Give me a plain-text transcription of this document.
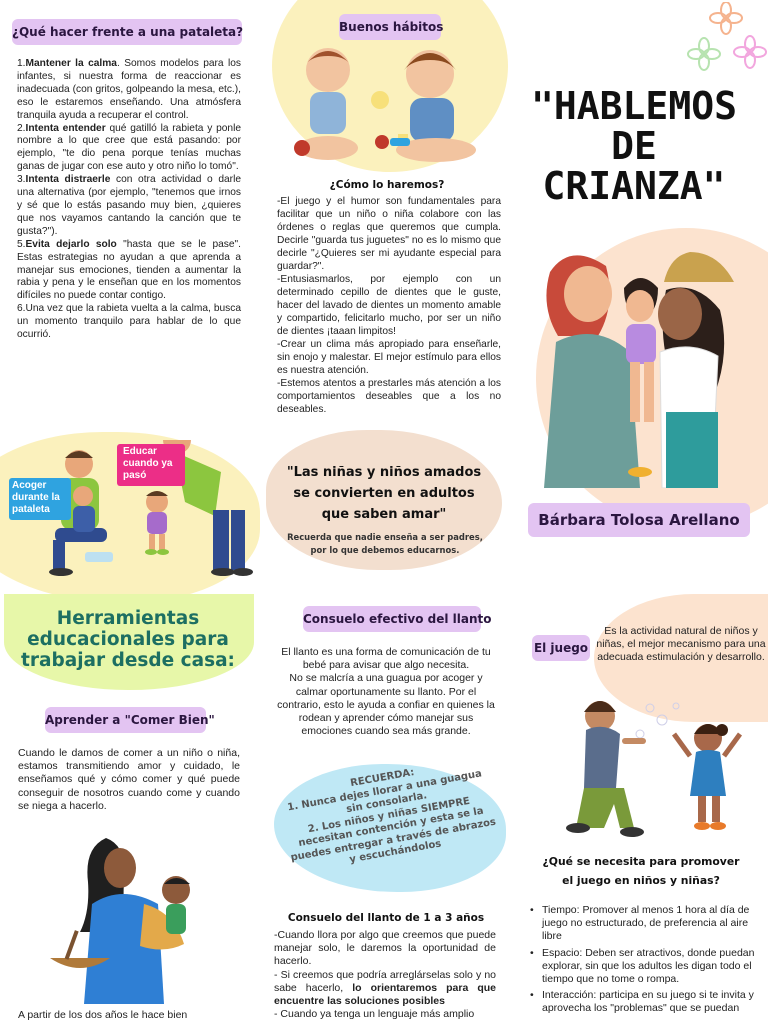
¿Qué hacer frente a una pataleta?
1.Mantener la calma. Somos modelos para los infantes, si nuestra forma de reaccionar es inadecuada (con gritos, golpeando la mesa, etc.), eso le estaremos enseñando. Una atmósfera tranquila ayuda a recuperar el control.
2.Intenta entender qué gatilló la rabieta y ponle nombre a lo que cree que está pasando: por ejemplo, "te dio pena porque tenías muchas ganas de jugar con ese auto y otro niño lo tomó".
3.Intenta distraerle con otra actividad o darle una alternativa (por ejemplo, "tenemos que irnos y sé que lo estás pasando muy bien, ¿quieres que nos vayamos cantando la canción que te gusta?").
5.Evita dejarlo solo "hasta que se le pase". Estas estrategias no ayudan a que aprenda a manejar sus emociones, tienden a aumentar la rabia y pena y le enseñan que en los momentos difíciles no puede contar contigo.
6.Una vez que la rabieta vuelta a la calma, busca un momento tranquilo para hablar de lo que ocurrió.
Acoger durante la pataleta
Educar cuando ya pasó
Herramientas educacionales para trabajar desde casa:
Aprender a "Comer Bien"
Cuando le damos de comer a un niño o niña, estamos transmitiendo amor y cuidado, le enseñamos qué y cómo comer y qué puede conseguir de nosotros cuando come y cuando se niega a hacerlo.
A partir de los dos años le hace bien
Buenos hábitos
¿Cómo lo haremos?
-El juego y el humor son fundamentales para facilitar que un niño o niña colabore con las órdenes o reglas que queremos que cumpla. Decirle "guarda tus juguetes" no es lo mismo que decirle "¿Quieres ser mi ayudante especial para guardar?".
-Entusiasmarlos, por ejemplo con un determinado cepillo de dientes que le guste, hacer del lavado de dientes un momento amable y compartido, felicitarlo mucho, por ser un niño de dientes ¡taaan limpitos!
-Crear un clima más apropiado para enseñarle, sin enojo y malestar. El mejor estímulo para ellos es nuestra atención.
-Estemos atentos a prestarles más atención a los comportamientos deseables que a los no deseables.
"Las niñas y niños amados se convierten en adultos que saben amar"
Recuerda que nadie enseña a ser padres, por lo que debemos educarnos.
Consuelo efectivo del llanto
El llanto es una forma de comunicación de tu bebé para avisar que algo necesita.
No se malcría a una guagua por acoger y calmar oportunamente su llanto. Por el contrario, esto le ayuda a confiar en quienes la rodean y aprender cómo manejar sus emociones cuando sea más grande.
RECUERDA:
1. Nunca dejes llorar a una guagua sin consolarla.
2. Los niños y niñas SIEMPRE necesitan contención y esta se la puedes entregar a través de abrazos y escuchándolos
Consuelo del llanto de 1 a 3 años
-Cuando llora por algo que creemos que puede manejar solo, le daremos la oportunidad de hacerlo.
- Si creemos que podría arreglárselas solo y no sabe hacerlo, lo orientaremos para que encuentre las soluciones posibles
- Cuando ya tenga un lenguaje más amplio
"HABLEMOS
DE
CRIANZA"
Bárbara Tolosa Arellano
El juego
Es la actividad natural de niños y niñas, el mejor mecanismo para una adecuada estimulación y desarrollo.
¿Qué se necesita para promover el juego en niños y niñas?
• Tiempo: Promover al menos 1 hora al día de juego no estructurado, de preferencia al aire libre
• Espacio: Deben ser atractivos, donde puedan explorar, sin que los adultos les digan todo el tiempo que no tome o rompa.
• Interacción: participa en su juego si te invita y aprovecha los "problemas" que se puedan
